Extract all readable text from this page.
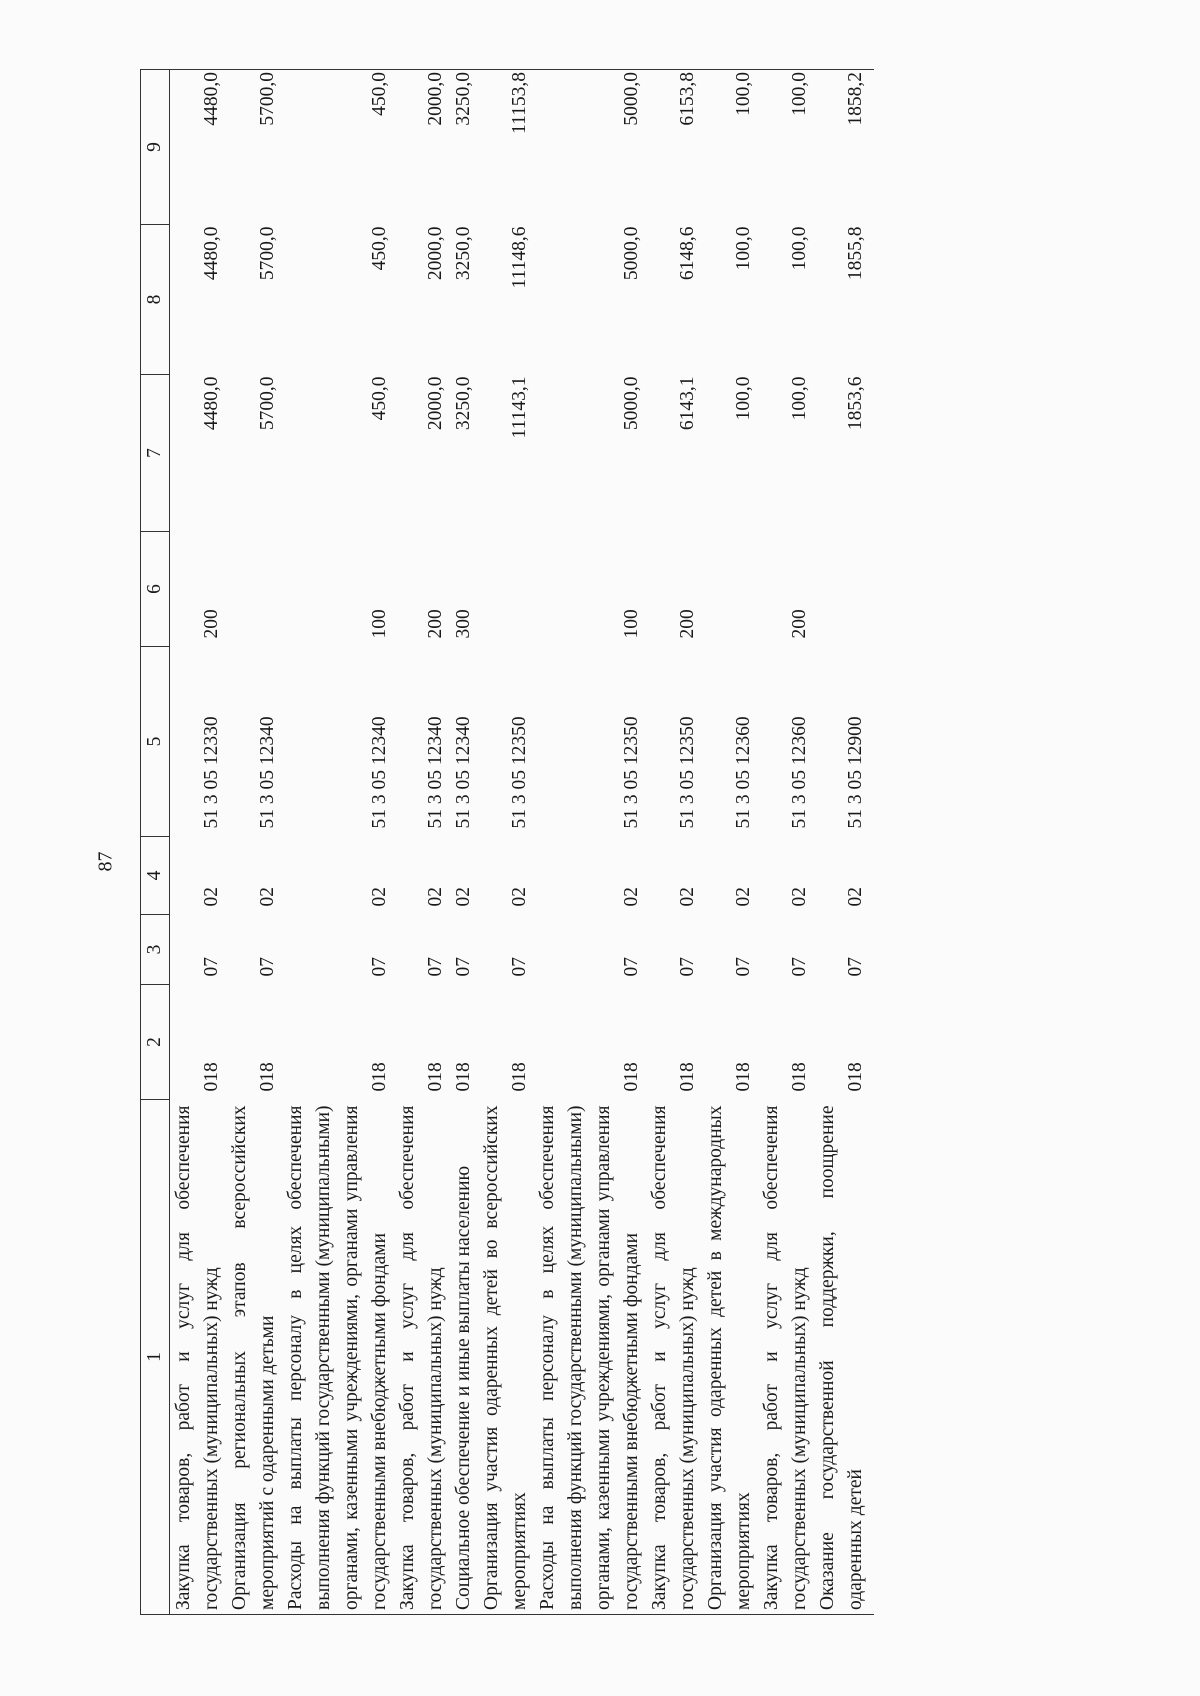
87
1	2	3	4	5	6	7	8	9
Закупка товаров, работ и услуг для обеспечения государственных (муниципальных) нужд	018	07	02	51 3 05 12330	200	4480,0	4480,0	4480,0
Организация региональных этапов всероссийских мероприятий с одаренными детьми	018	07	02	51 3 05 12340		5700,0	5700,0	5700,0
Расходы на выплаты персоналу в целях обеспечения выполнения функций государственными (муниципальными) органами, казенными учреждениями, органами управления государственными внебюджетными фондами	018	07	02	51 3 05 12340	100	450,0	450,0	450,0
Закупка товаров, работ и услуг для обеспечения государственных (муниципальных) нужд	018	07	02	51 3 05 12340	200	2000,0	2000,0	2000,0
Социальное обеспечение и иные выплаты населению	018	07	02	51 3 05 12340	300	3250,0	3250,0	3250,0
Организация участия одаренных детей во всероссийских мероприятиях	018	07	02	51 3 05 12350		11143,1	11148,6	11153,8
Расходы на выплаты персоналу в целях обеспечения выполнения функций государственными (муниципальными) органами, казенными учреждениями, органами управления государственными внебюджетными фондами	018	07	02	51 3 05 12350	100	5000,0	5000,0	5000,0
Закупка товаров, работ и услуг для обеспечения государственных (муниципальных) нужд	018	07	02	51 3 05 12350	200	6143,1	6148,6	6153,8
Организация участия одаренных детей в международных мероприятиях	018	07	02	51 3 05 12360		100,0	100,0	100,0
Закупка товаров, работ и услуг для обеспечения государственных (муниципальных) нужд	018	07	02	51 3 05 12360	200	100,0	100,0	100,0
Оказание государственной поддержки, поощрение одаренных детей	018	07	02	51 3 05 12900		1853,6	1855,8	1858,2
